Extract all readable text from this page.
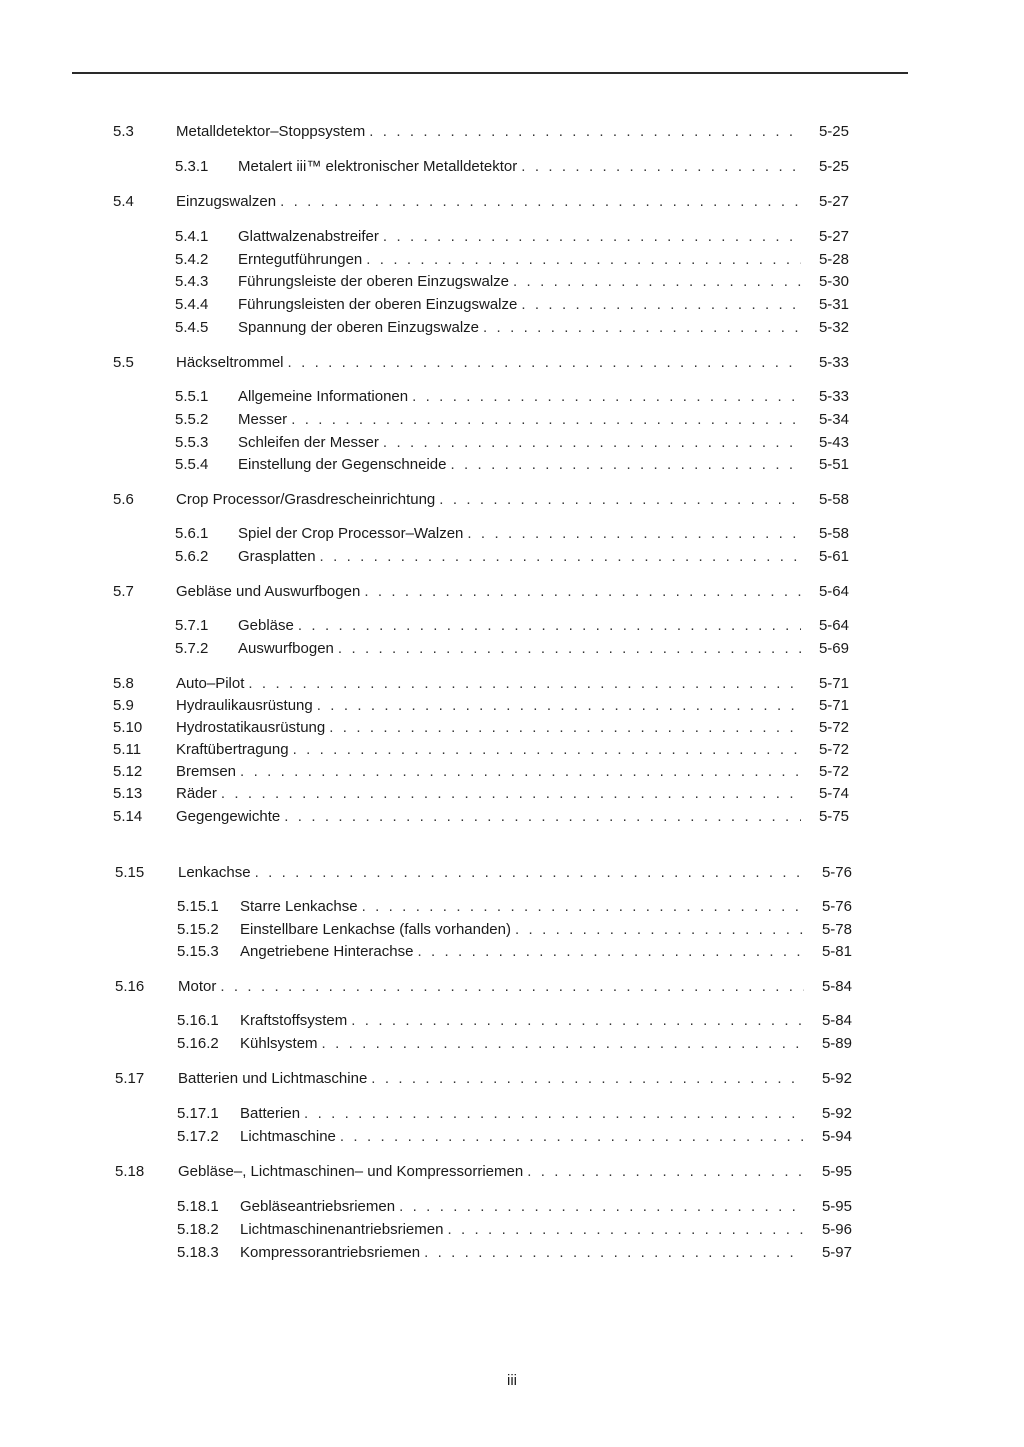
5.3	Metalldetektor–Stoppsystem . . .	5-25
5.3.1 Metalert iii™ elektronischer Metalldetektor . . .	5-25
5.4	Einzugswalzen . . .	5-27
5.4.1 Glattwalzenabstreifer . . .	5-27
5.4.2 Erntegutführungen . . .	5-28
5.4.3 Führungsleiste der oberen Einzugswalze . . .	5-30
5.4.4 Führungsleisten der oberen Einzugswalze . . .	5-31
5.4.5 Spannung der oberen Einzugswalze . . .	5-32
5.5	Häckseltrommel . . .	5-33
5.5.1 Allgemeine Informationen . . .	5-33
5.5.2 Messer . . .	5-34
5.5.3 Schleifen der Messer . . .	5-43
5.5.4 Einstellung der Gegenschneide . . .	5-51
5.6	Crop Processor/Grasdrescheinrichtung . . .	5-58
5.6.1 Spiel der Crop Processor–Walzen . . .	5-58
5.6.2 Grasplatten . . .	5-61
5.7	Gebläse und Auswurfbogen . . .	5-64
5.7.1 Gebläse . . .	5-64
5.7.2 Auswurfbogen . . .	5-69
5.8	Auto–Pilot . . .	5-71
5.9	Hydraulikausrüstung . . .	5-71
5.10 Hydrostatikausrüstung . . .	5-72
5.11 Kraftübertragung . . .	5-72
5.12 Bremsen . . .	5-72
5.13 Räder . . .	5-74
5.14 Gegengewichte . . .	5-75
5.15 Lenkachse . . .	5-76
5.15.1 Starre Lenkachse . . .	5-76
5.15.2 Einstellbare Lenkachse (falls vorhanden) . . .	5-78
5.15.3 Angetriebene Hinterachse . . .	5-81
5.16 Motor . . .	5-84
5.16.1 Kraftstoffsystem . . .	5-84
5.16.2 Kühlsystem . . .	5-89
5.17 Batterien und Lichtmaschine . . .	5-92
5.17.1 Batterien . . .	5-92
5.17.2 Lichtmaschine . . .	5-94
5.18 Gebläse–, Lichtmaschinen– und Kompressorriemen . . .	5-95
5.18.1 Gebläseantriebsriemen . . .	5-95
5.18.2 Lichtmaschinenantriebsriemen . . .	5-96
5.18.3 Kompressorantriebsriemen . . .	5-97
iii
